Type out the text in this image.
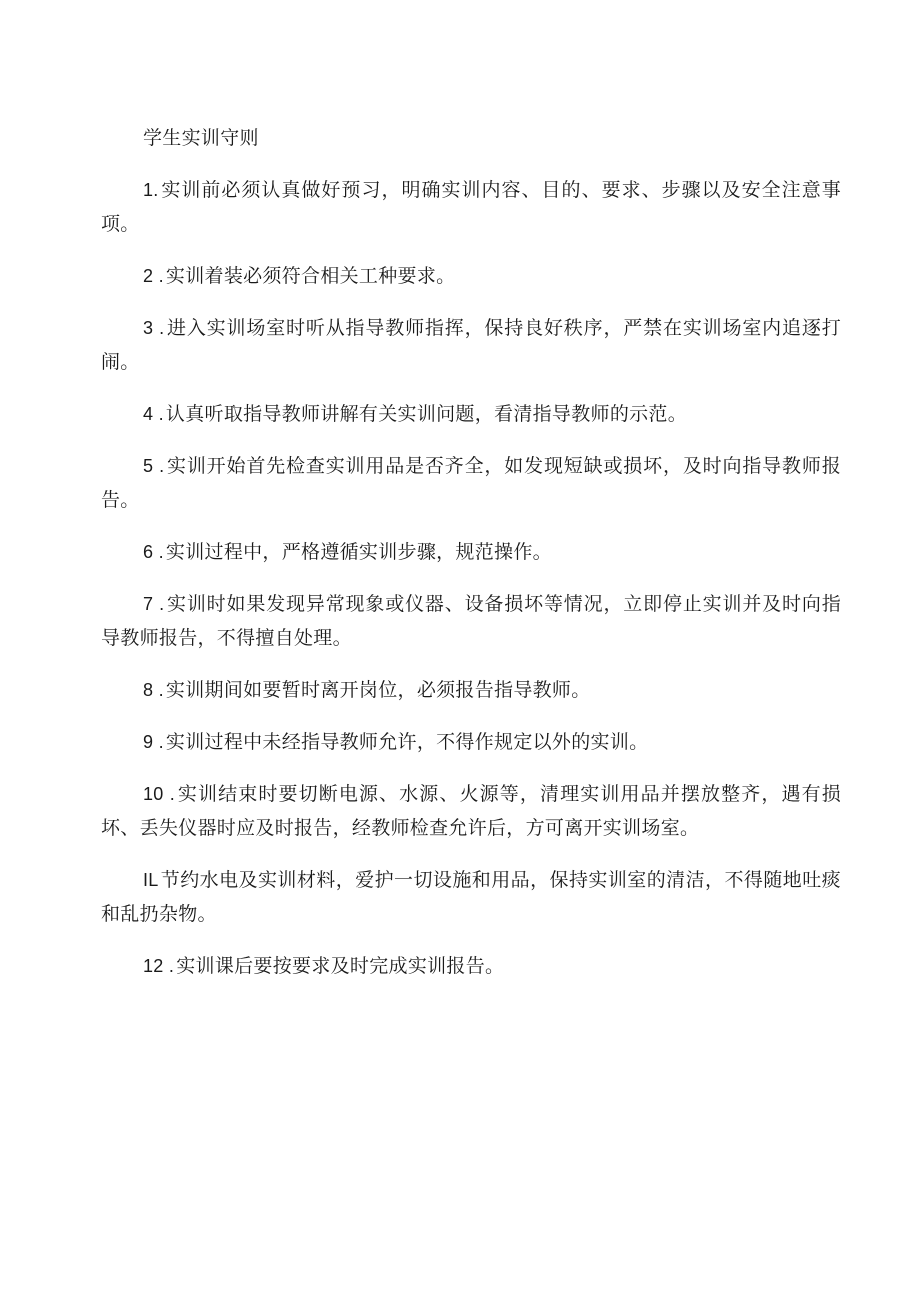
学生实训守则

1. 实训前必须认真做好预习，明确实训内容、目的、要求、步骤以及安全注意事项。

2 . 实训着装必须符合相关工种要求。

3 . 进入实训场室时听从指导教师指挥，保持良好秩序，严禁在实训场室内追逐打闹。

4 . 认真听取指导教师讲解有关实训问题，看清指导教师的示范。

5 . 实训开始首先检查实训用品是否齐全，如发现短缺或损坏，及时向指导教师报告。

6 . 实训过程中，严格遵循实训步骤，规范操作。

7 . 实训时如果发现异常现象或仪器、设备损坏等情况，立即停止实训并及时向指导教师报告，不得擅自处理。

8 . 实训期间如要暂时离开岗位，必须报告指导教师。

9 . 实训过程中未经指导教师允许，不得作规定以外的实训。

10 . 实训结束时要切断电源、水源、火源等，清理实训用品并摆放整齐，遇有损坏、丢失仪器时应及时报告，经教师检查允许后，方可离开实训场室。

IL 节约水电及实训材料，爱护一切设施和用品，保持实训室的清洁，不得随地吐痰和乱扔杂物。

12 . 实训课后要按要求及时完成实训报告。
